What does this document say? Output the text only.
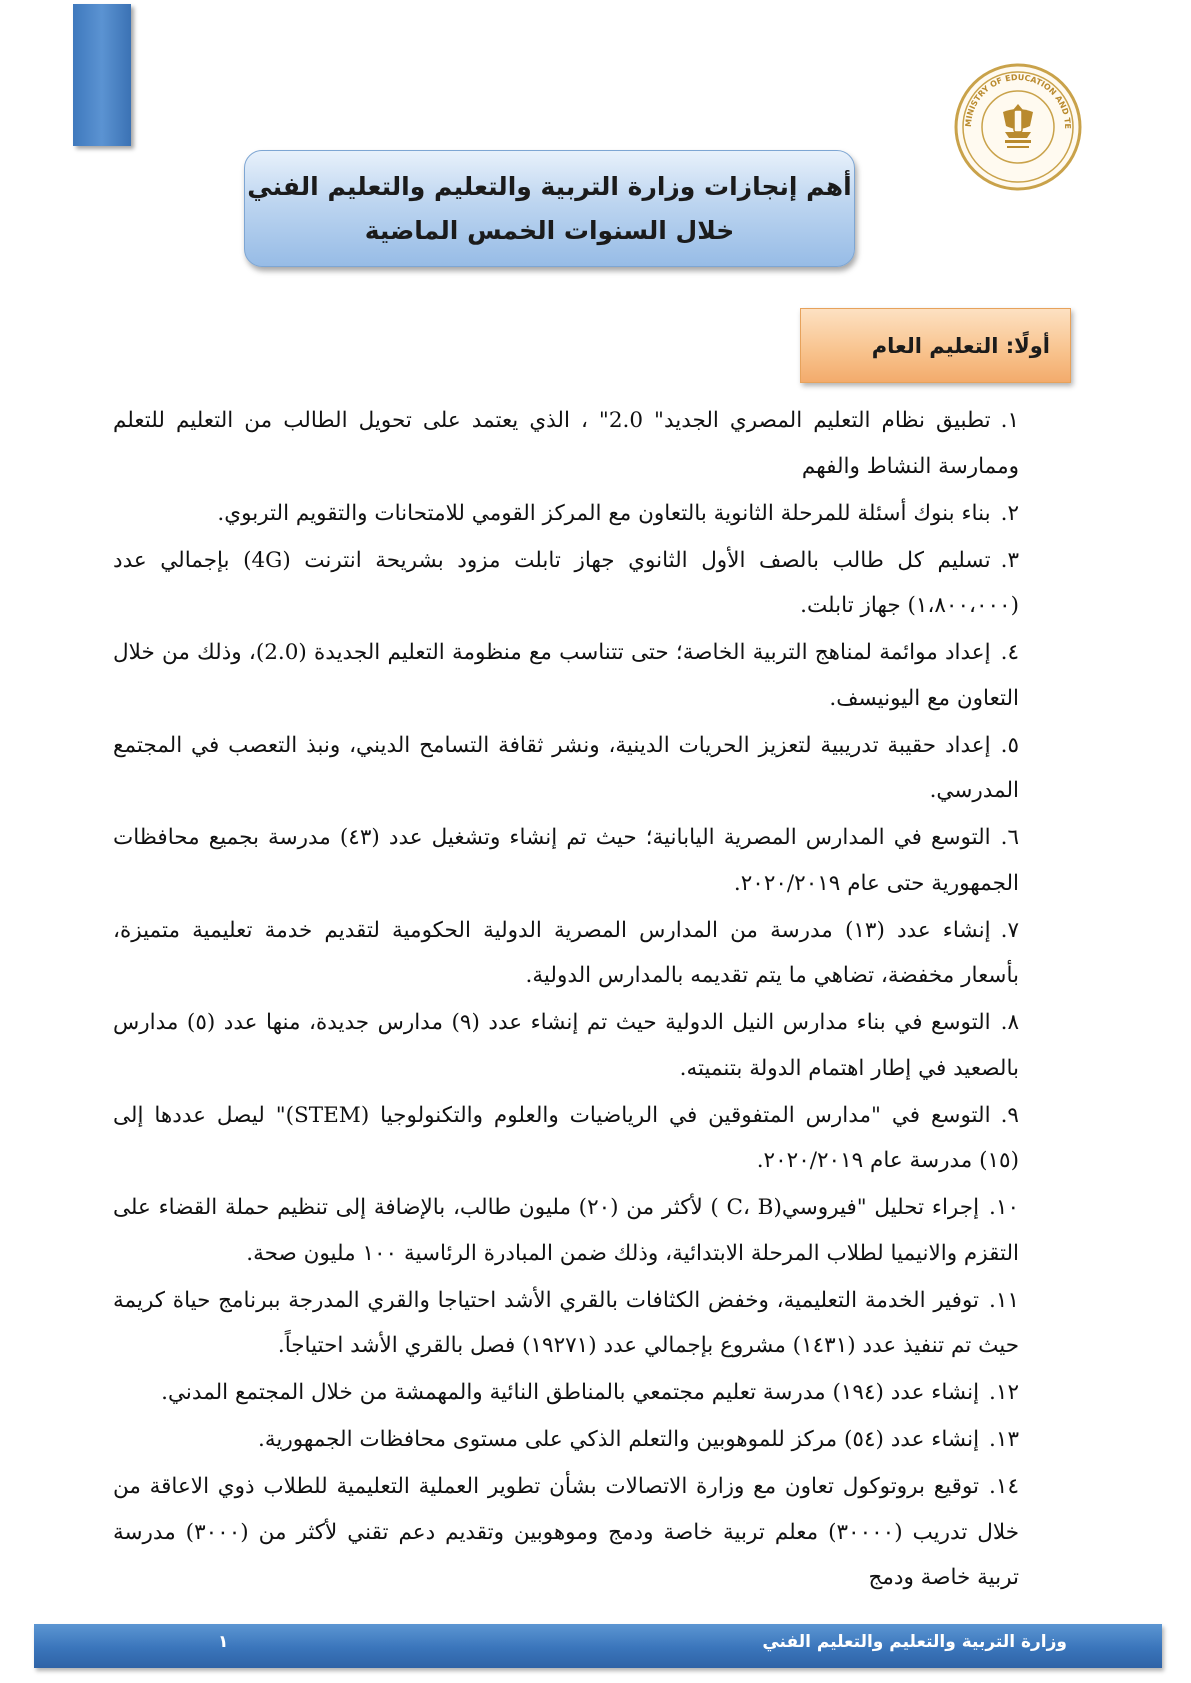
MINISTRY OF EDUCATION AND TE
أهم إنجازات وزارة التربية والتعليم والتعليم الفني
خلال السنوات الخمس الماضية
أولًا: التعليم العام
١.تطبيق نظام التعليم المصري الجديد" 2.0" ، الذي يعتمد على تحويل الطالب من التعليم للتعلم وممارسة النشاط والفهم
٢.بناء بنوك أسئلة للمرحلة الثانوية بالتعاون مع المركز القومي للامتحانات والتقويم التربوي.
٣.تسليم كل طالب بالصف الأول الثانوي جهاز تابلت مزود بشريحة انترنت (4G) بإجمالي عدد (١،٨٠٠،٠٠٠) جهاز تابلت.
٤.إعداد موائمة لمناهج التربية الخاصة؛ حتى تتناسب مع منظومة التعليم الجديدة (2.0)، وذلك من خلال التعاون مع اليونيسف.
٥.إعداد حقيبة تدريبية لتعزيز الحريات الدينية، ونشر ثقافة التسامح الديني، ونبذ التعصب في المجتمع المدرسي.
٦.التوسع في المدارس المصرية اليابانية؛ حيث تم إنشاء وتشغيل عدد (٤٣) مدرسة بجميع محافظات الجمهورية حتى عام ٢٠٢٠/٢٠١٩.
٧.إنشاء عدد (١٣) مدرسة من المدارس المصرية الدولية الحكومية لتقديم خدمة تعليمية متميزة، بأسعار مخفضة، تضاهي ما يتم تقديمه بالمدارس الدولية.
٨.التوسع في بناء مدارس النيل الدولية حيث تم إنشاء عدد (٩) مدارس جديدة، منها عدد (٥) مدارس بالصعيد في إطار اهتمام الدولة بتنميته.
٩.التوسع في "مدارس المتفوقين في الرياضيات والعلوم والتكنولوجيا (STEM)" ليصل عددها إلى (١٥) مدرسة عام ٢٠٢٠/٢٠١٩.
١٠.إجراء تحليل "فيروسي(C، B ) لأكثر من (٢٠) مليون طالب، بالإضافة إلى تنظيم حملة القضاء على التقزم والانيميا لطلاب المرحلة الابتدائية، وذلك ضمن المبادرة الرئاسية ١٠٠ مليون صحة.
١١.توفير الخدمة التعليمية، وخفض الكثافات بالقري الأشد احتياجا والقري المدرجة ببرنامج حياة كريمة حيث تم تنفيذ عدد (١٤٣١) مشروع بإجمالي عدد (١٩٢٧١) فصل بالقري الأشد احتياجاً.
١٢.إنشاء عدد (١٩٤) مدرسة تعليم مجتمعي بالمناطق النائية والمهمشة من خلال المجتمع المدني.
١٣.إنشاء عدد (٥٤) مركز للموهوبين والتعلم الذكي على مستوى محافظات الجمهورية.
١٤.توقيع بروتوكول تعاون مع وزارة الاتصالات بشأن تطوير العملية التعليمية للطلاب ذوي الاعاقة من خلال تدريب (٣٠٠٠٠) معلم تربية خاصة ودمج وموهوبين وتقديم دعم تقني لأكثر من (٣٠٠٠) مدرسة تربية خاصة ودمج
١	وزارة التربية والتعليم والتعليم الفني
